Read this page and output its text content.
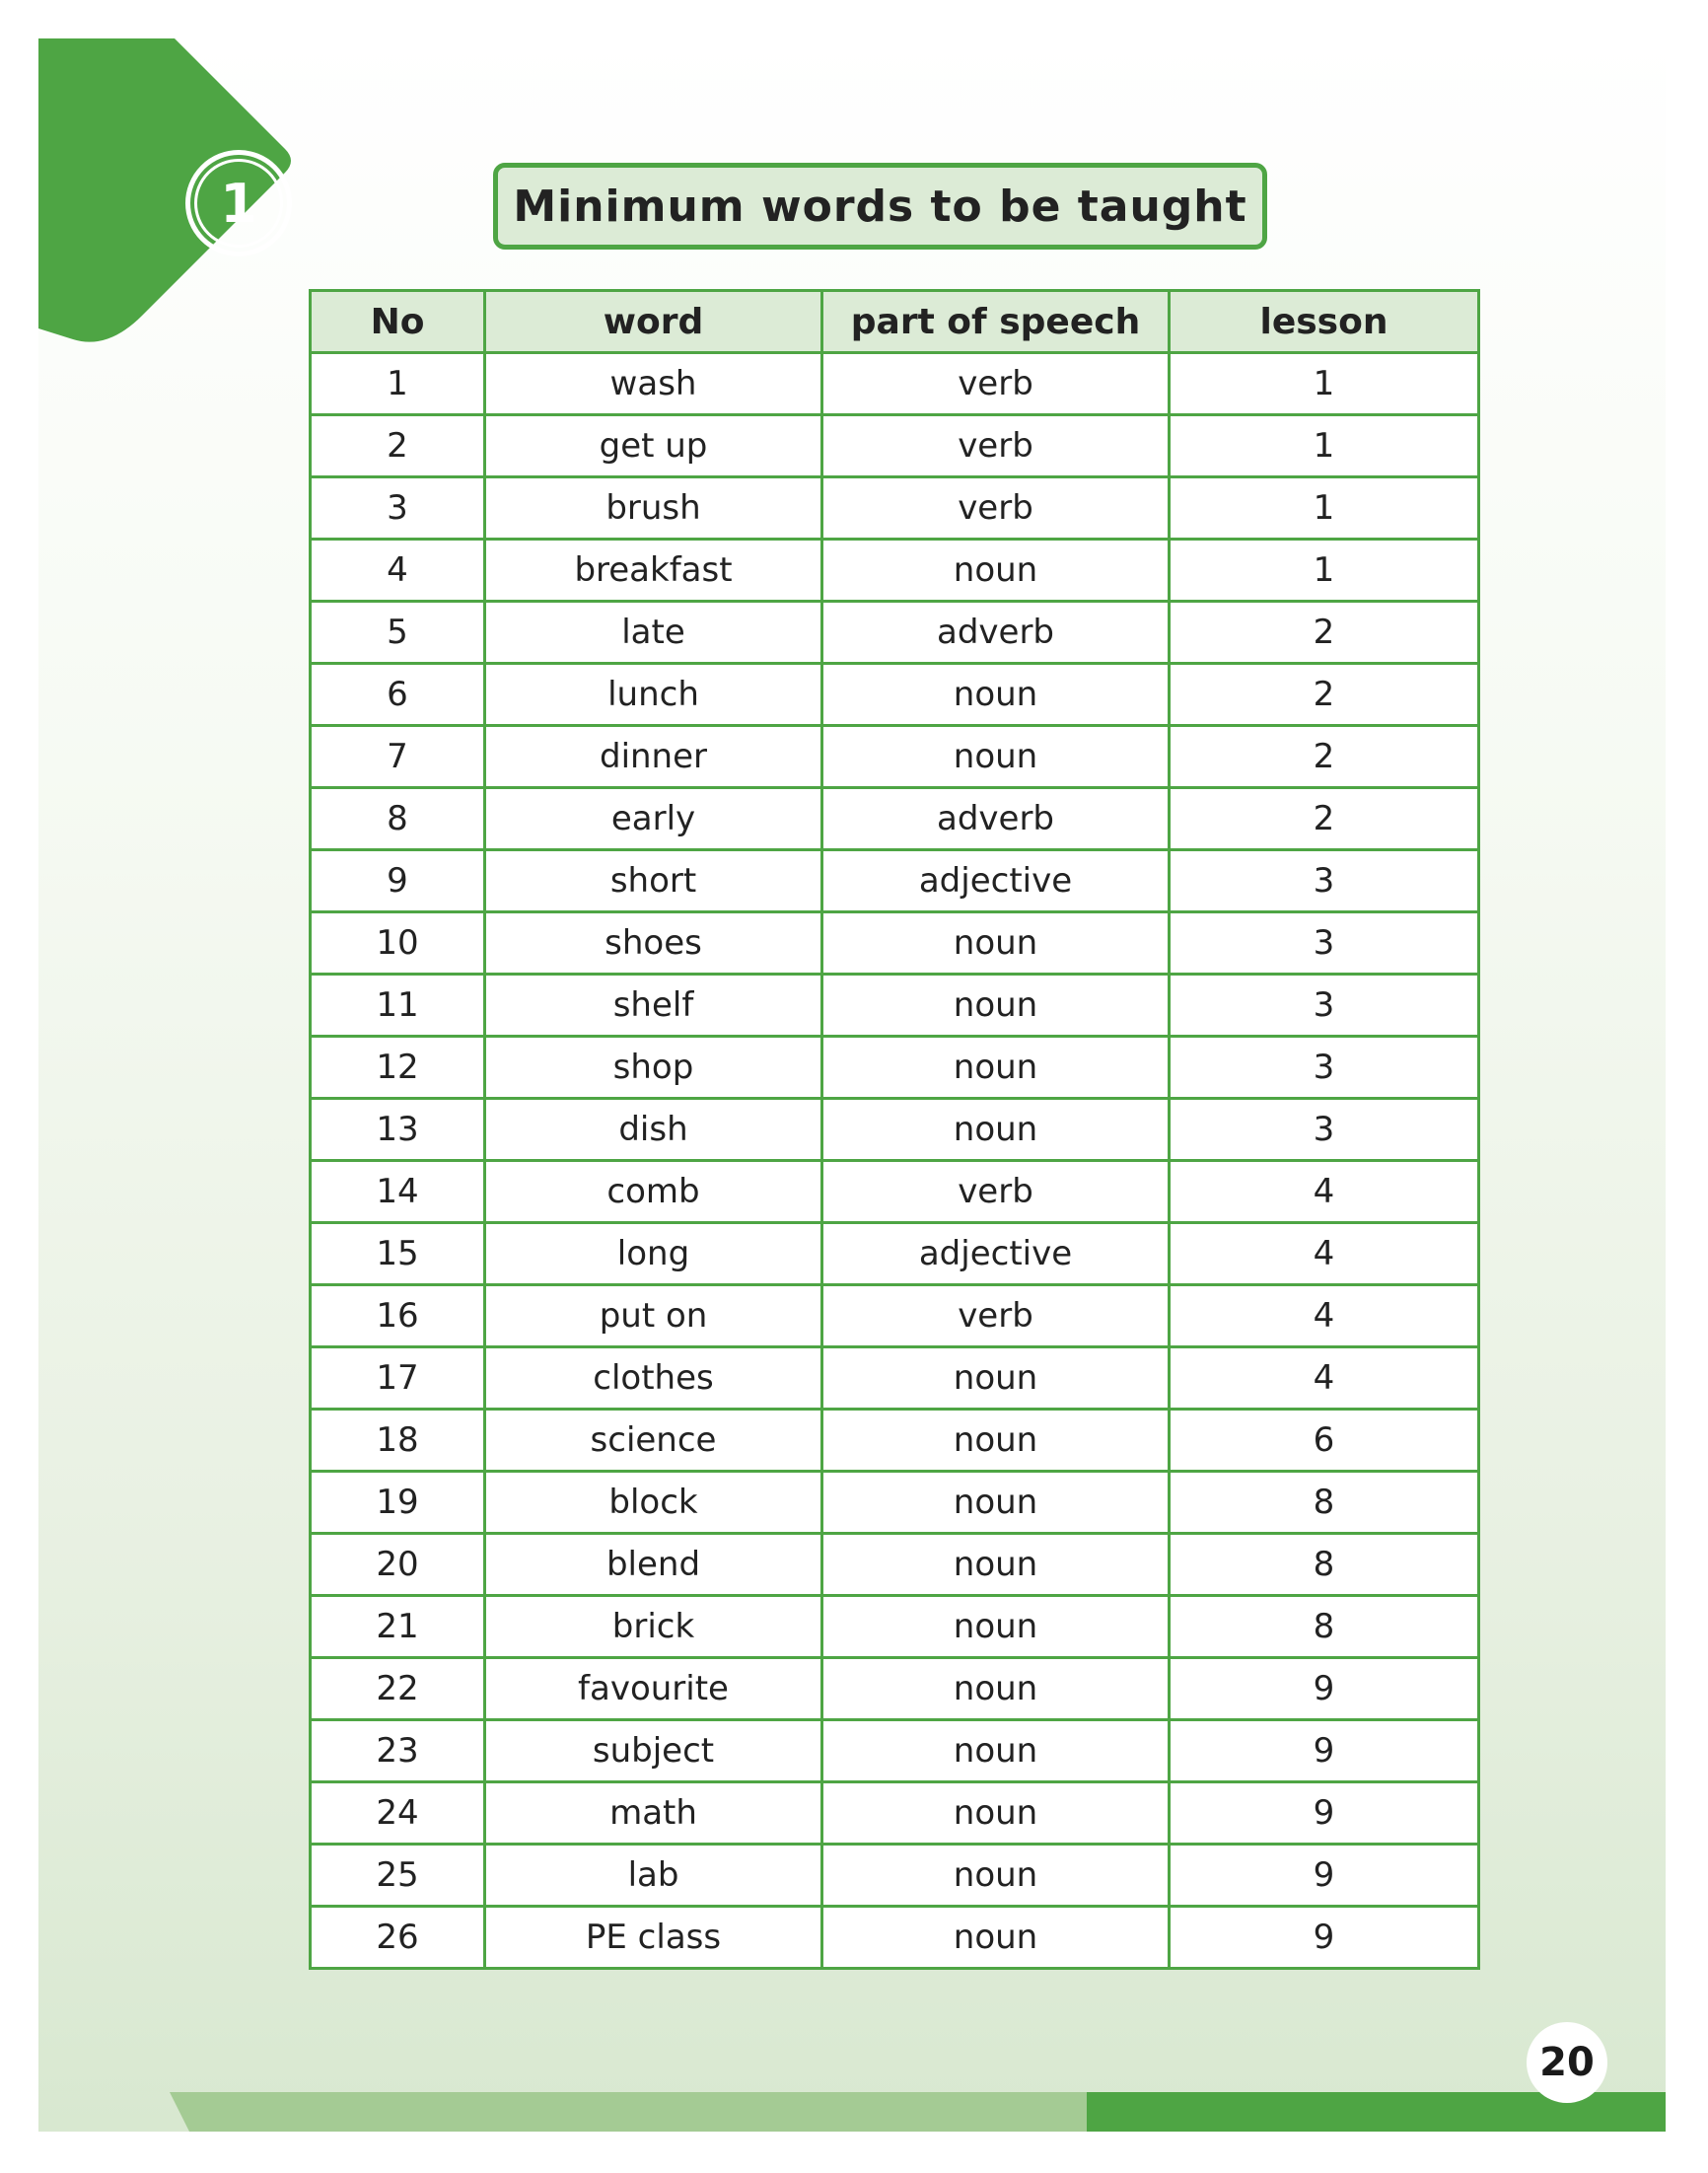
1	Minimum words to be taught
No	word	part of speech	lesson
1	wash	verb	1
2	get up	verb	1
3	brush	verb	1
4	breakfast	noun	1
5	late	adverb	2
6	lunch	noun	2
7	dinner	noun	2
8	early	adverb	2
9	short	adjective	3
10	shoes	noun	3
11	shelf	noun	3
12	shop	noun	3
13	dish	noun	3
14	comb	verb	4
15	long	adjective	4
16	put on	verb	4
17	clothes	noun	4
18	science	noun	6
19	block	noun	8
20	blend	noun	8
21	brick	noun	8
22	favourite	noun	9
23	subject	noun	9
24	math	noun	9
25	lab	noun	9
26	PE class	noun	9
20
